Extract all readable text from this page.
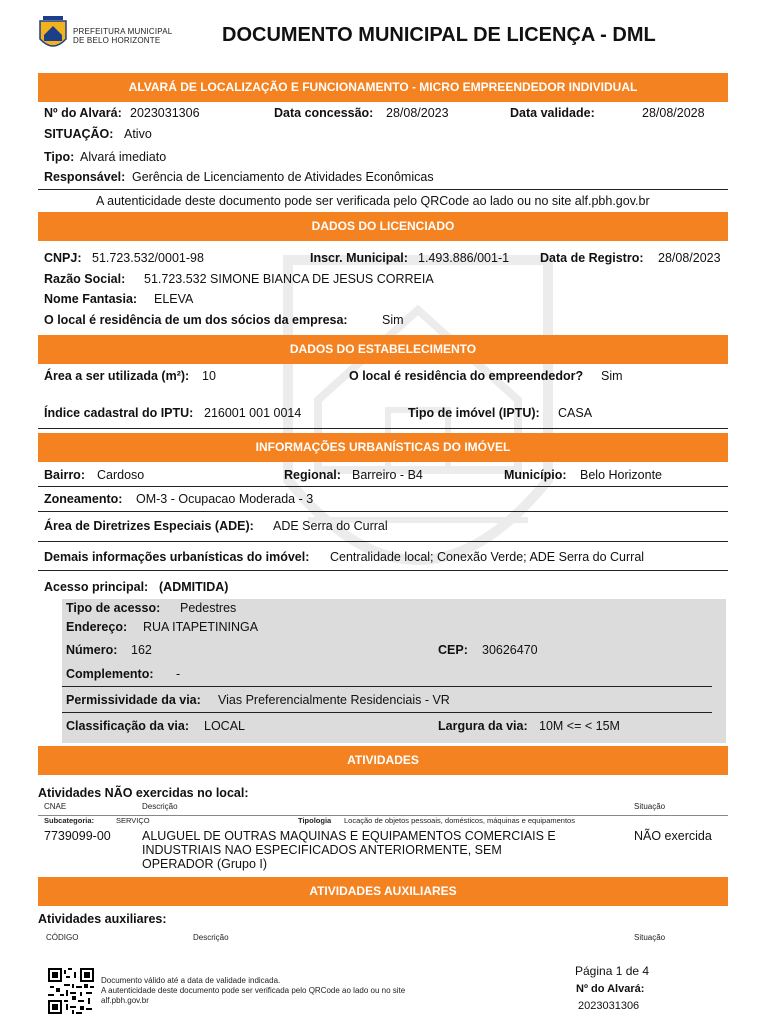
PREFEITURA MUNICIPAL
DE BELO HORIZONTE	DOCUMENTO MUNICIPAL DE LICENÇA - DML
ALVARÁ DE LOCALIZAÇÃO E FUNCIONAMENTO - MICRO EMPREENDEDOR INDIVIDUAL
Nº do Alvará: 2023031306	Data concessão: 28/08/2023	Data validade:	28/08/2028
SITUAÇÃO: Ativo
Tipo: Alvará imediato
Responsável: Gerência de Licenciamento de Atividades Econômicas
A autenticidade deste documento pode ser verificada pelo QRCode ao lado ou no site alf.pbh.gov.br
DADOS DO LICENCIADO
CNPJ: 51.723.532/0001-98	Inscr. Municipal: 1.493.886/001-1 Data de Registro: 28/08/2023
Razão Social: 51.723.532 SIMONE BIANCA DE JESUS CORREIA
Nome Fantasia: ELEVA
O local é residência de um dos sócios da empresa:	Sim
DADOS DO ESTABELECIMENTO
Área a ser utilizada (m²): 10	O local é residência do empreendedor? Sim
Índice cadastral do IPTU: 216001 001 0014	Tipo de imóvel (IPTU): CASA
INFORMAÇÕES URBANÍSTICAS DO IMÓVEL
Bairro: Cardoso	Regional: Barreiro - B4	Município: Belo Horizonte
Zoneamento: OM-3 - Ocupacao Moderada - 3
Área de Diretrizes Especiais (ADE): ADE Serra do Curral
Demais informações urbanísticas do imóvel: Centralidade local; Conexão Verde; ADE Serra do Curral
Acesso principal: (ADMITIDA)
Tipo de acesso: Pedestres
Endereço: RUA ITAPETININGA
Número: 162	CEP: 30626470
Complemento: -
Permissividade da via: Vias Preferencialmente Residenciais - VR
Classificação da via: LOCAL	Largura da via: 10M <= < 15M
ATIVIDADES
Atividades NÃO exercidas no local:
CNAE	Descrição	Situação
Subcategoria:	SERVIÇO	Tipologia Locação de objetos pessoais, domésticos, máquinas e equipamentos
7739099-00	ALUGUEL DE OUTRAS MAQUINAS E EQUIPAMENTOS COMERCIAIS E
INDUSTRIAIS NAO ESPECIFICADOS ANTERIORMENTE, SEM
OPERADOR (Grupo I)
NÃO exercida
ATIVIDADES AUXILIARES
Atividades auxiliares:
CÓDIGO	Descrição	Situação
Documento válido até a data de validade indicada.
A autenticidade deste documento pode ser verificada pelo QRCode ao lado ou no site
alf.pbh.gov.br
Página 1 de 4
Nº do Alvará:
2023031306
